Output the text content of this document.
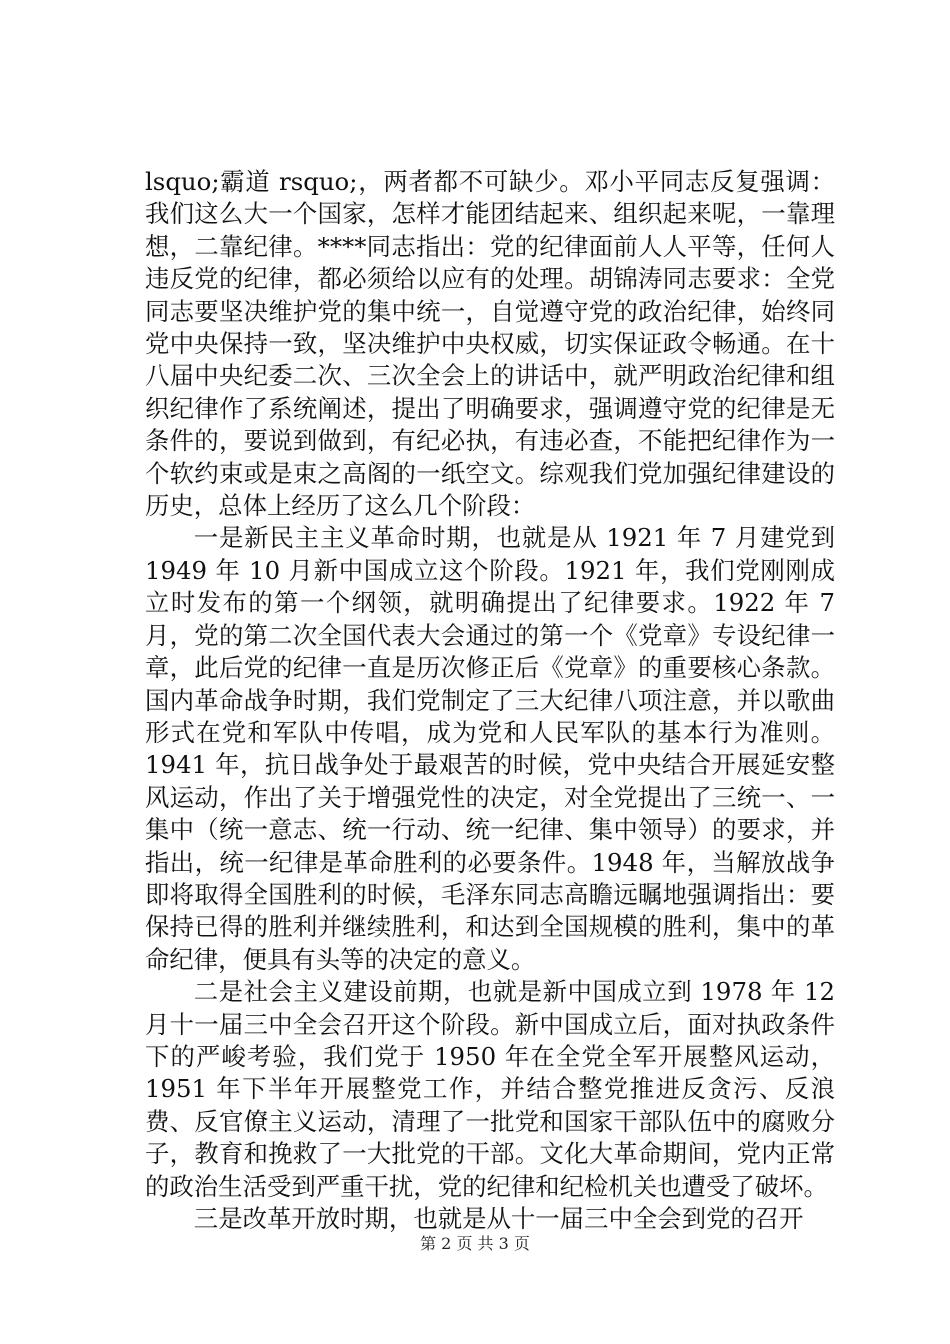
lsquo;霸道 rsquo;，两者都不可缺少。邓小平同志反复强调：我们这么大一个国家，怎样才能团结起来、组织起来呢，一靠理想，二靠纪律。****同志指出：党的纪律面前人人平等，任何人违反党的纪律，都必须给以应有的处理。胡锦涛同志要求：全党同志要坚决维护党的集中统一，自觉遵守党的政治纪律，始终同党中央保持一致，坚决维护中央权威，切实保证政令畅通。在十八届中央纪委二次、三次全会上的讲话中，就严明政治纪律和组织纪律作了系统阐述，提出了明确要求，强调遵守党的纪律是无条件的，要说到做到，有纪必执，有违必查，不能把纪律作为一个软约束或是束之高阁的一纸空文。综观我们党加强纪律建设的历史，总体上经历了这么几个阶段：

一是新民主主义革命时期，也就是从 1921 年 7 月建党到 1949 年 10 月新中国成立这个阶段。1921 年，我们党刚刚成立时发布的第一个纲领，就明确提出了纪律要求。1922 年 7 月，党的第二次全国代表大会通过的第一个《党章》专设纪律一章，此后党的纪律一直是历次修正后《党章》的重要核心条款。国内革命战争时期，我们党制定了三大纪律八项注意，并以歌曲形式在党和军队中传唱，成为党和人民军队的基本行为准则。1941 年，抗日战争处于最艰苦的时候，党中央结合开展延安整风运动，作出了关于增强党性的决定，对全党提出了三统一、一集中（统一意志、统一行动、统一纪律、集中领导）的要求，并指出，统一纪律是革命胜利的必要条件。1948 年，当解放战争即将取得全国胜利的时候，毛泽东同志高瞻远瞩地强调指出：要保持已得的胜利并继续胜利，和达到全国规模的胜利，集中的革命纪律，便具有头等的决定的意义。

二是社会主义建设前期，也就是新中国成立到 1978 年 12 月十一届三中全会召开这个阶段。新中国成立后，面对执政条件下的严峻考验，我们党于 1950 年在全党全军开展整风运动，1951 年下半年开展整党工作，并结合整党推进反贪污、反浪费、反官僚主义运动，清理了一批党和国家干部队伍中的腐败分子，教育和挽救了一大批党的干部。文化大革命期间，党内正常的政治生活受到严重干扰，党的纪律和纪检机关也遭受了破坏。

三是改革开放时期，也就是从十一届三中全会到党的召开

第 2 页 共 3 页
